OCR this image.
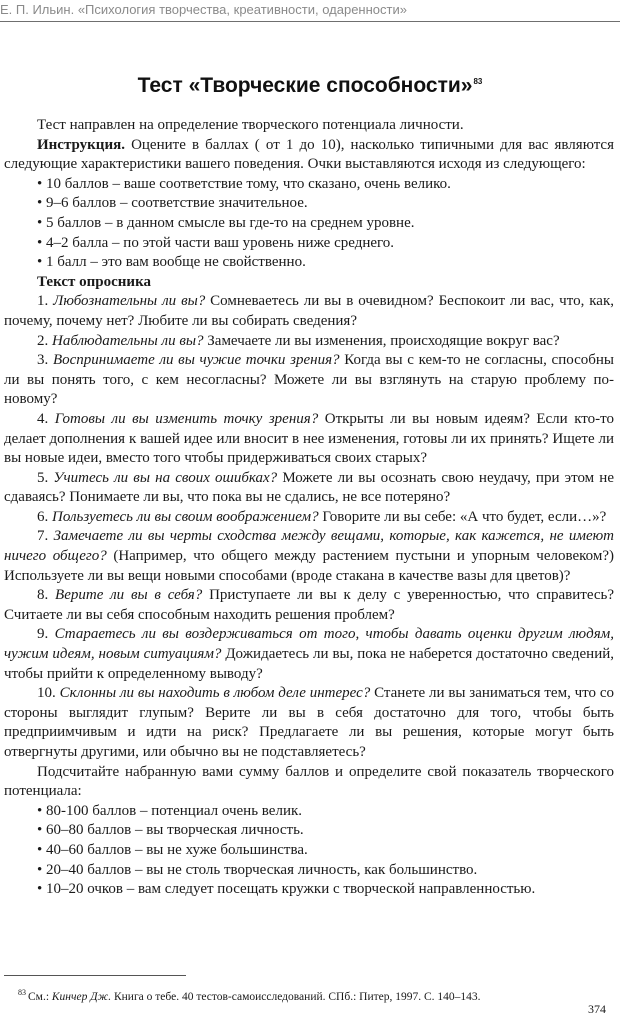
Е. П. Ильин. «Психология творчества, креативности, одаренности»
Тест «Творческие способности»$^{83}$

Тест направлен на определение творческого потенциала личности.

Инструкция. Оцените в баллах ( от 1 до 10), насколько типичными для вас являются следующие характеристики вашего поведения. Очки выставляются исходя из следующего:

• 10 баллов – ваше соответствие тому, что сказано, очень велико.
• 9–6 баллов – соответствие значительное.
• 5 баллов – в данном смысле вы где-то на среднем уровне.
• 4–2 балла – по этой части ваш уровень ниже среднего.
• 1 балл – это вам вообще не свойственно.

Текст опросника

1. Любознательны ли вы? Сомневаетесь ли вы в очевидном? Беспокоит ли вас, что, как, почему, почему нет? Любите ли вы собирать сведения?

2. Наблюдательны ли вы? Замечаете ли вы изменения, происходящие вокруг вас?

3. Воспринимаете ли вы чужие точки зрения? Когда вы с кем-то не согласны, способны ли вы понять того, с кем несогласны? Можете ли вы взглянуть на старую проблему по-новому?

4. Готовы ли вы изменить точку зрения? Открыты ли вы новым идеям? Если кто-то делает дополнения к вашей идее или вносит в нее изменения, готовы ли их принять? Ищете ли вы новые идеи, вместо того чтобы придерживаться своих старых?

5. Учитесь ли вы на своих ошибках? Можете ли вы осознать свою неудачу, при этом не сдаваясь? Понимаете ли вы, что пока вы не сдались, не все потеряно?

6. Пользуетесь ли вы своим воображением? Говорите ли вы себе: «А что будет, если…»?

7. Замечаете ли вы черты сходства между вещами, которые, как кажется, не имеют ничего общего? (Например, что общего между растением пустыни и упорным человеком?) Используете ли вы вещи новыми способами (вроде стакана в качестве вазы для цветов)?

8. Верите ли вы в себя? Приступаете ли вы к делу с уверенностью, что справитесь? Считаете ли вы себя способным находить решения проблем?

9. Стараетесь ли вы воздерживаться от того, чтобы давать оценки другим людям, чужим идеям, новым ситуациям? Дожидаетесь ли вы, пока не наберется достаточно сведений, чтобы прийти к определенному выводу?

10. Склонны ли вы находить в любом деле интерес? Станете ли вы заниматься тем, что со стороны выглядит глупым? Верите ли вы в себя достаточно для того, чтобы быть предприимчивым и идти на риск? Предлагаете ли вы решения, которые могут быть отвергнуты другими, или обычно вы не подставляетесь?

Подсчитайте набранную вами сумму баллов и определите свой показатель творческого потенциала:

• 80-100 баллов – потенциал очень велик.
• 60–80 баллов – вы творческая личность.
• 40–60 баллов – вы не хуже большинства.
• 20–40 баллов – вы не столь творческая личность, как большинство.
• 10–20 очков – вам следует посещать кружки с творческой направленностью.
$^{83}$ См.: Кинчер Дж. Книга о тебе. 40 тестов-самоисследований. СПб.: Питер, 1997. С. 140–143.
374
